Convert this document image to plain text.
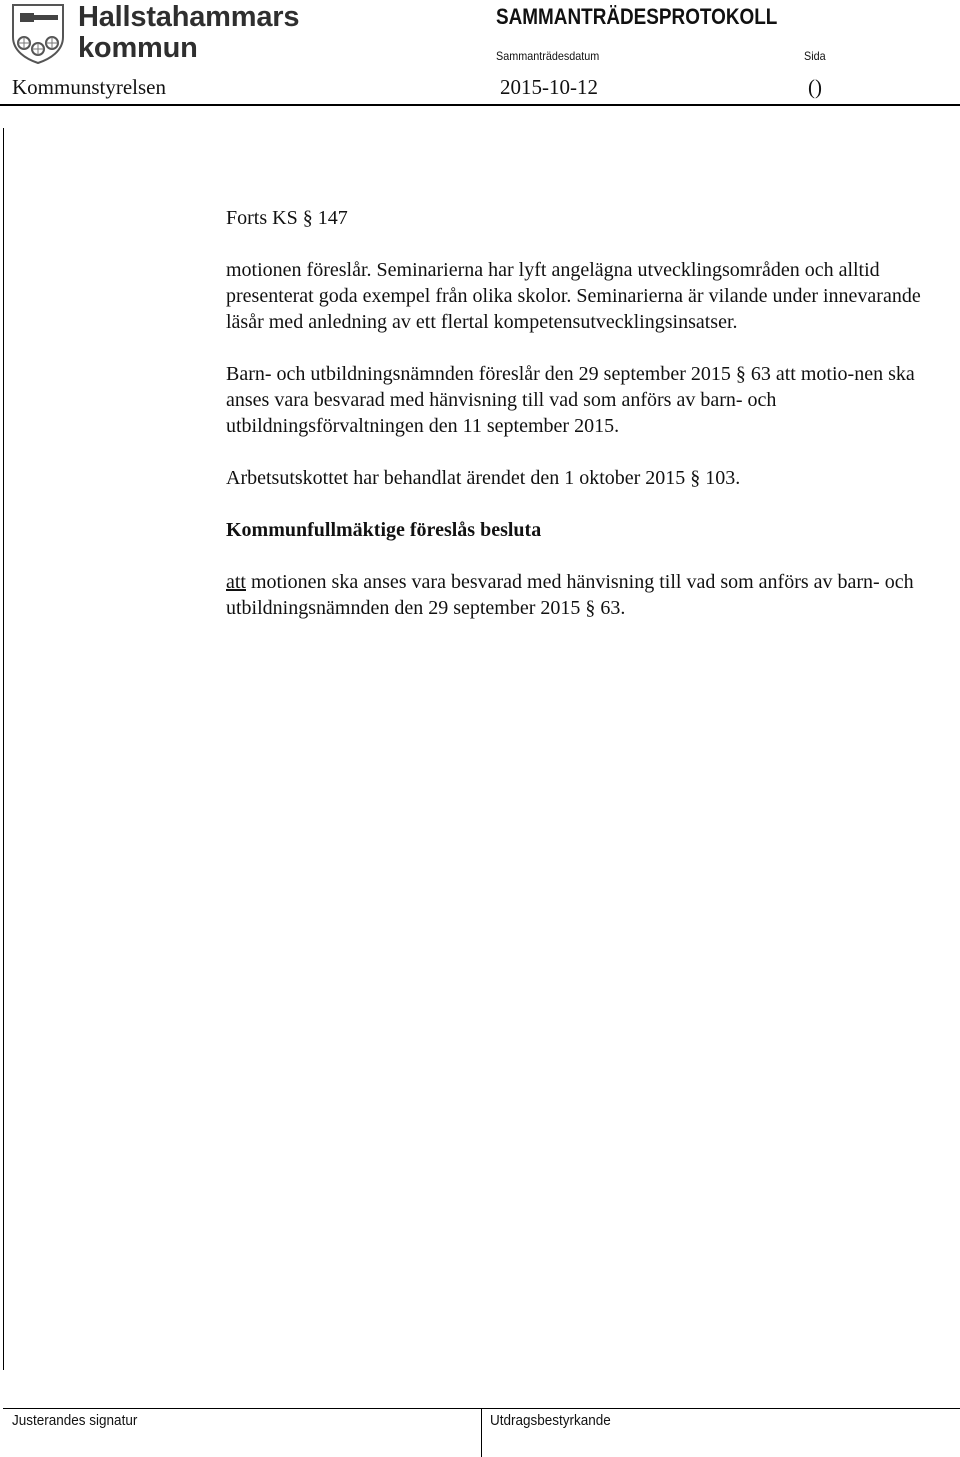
Hallstahammars
kommun
SAMMANTRÄDESPROTOKOLL
Sammanträdesdatum	Sida
Kommunstyrelsen	2015-10-12	()

Forts KS § 147

motionen föreslår. Seminarierna har lyft angelägna utvecklingsområden och alltid presenterat goda exempel från olika skolor. Seminarierna är vilande under innevarande läsår med anledning av ett flertal kompetensutvecklingsinsatser.

Barn- och utbildningsnämnden föreslår den 29 september 2015 § 63 att motio-nen ska anses vara besvarad med hänvisning till vad som anförs av barn- och utbildningsförvaltningen den 11 september 2015.

Arbetsutskottet har behandlat ärendet den 1 oktober 2015 § 103.

Kommunfullmäktige föreslås besluta

att motionen ska anses vara besvarad med hänvisning till vad som anförs av barn- och utbildningsnämnden den 29 september 2015 § 63.

Justerandes signatur	Utdragsbestyrkande
